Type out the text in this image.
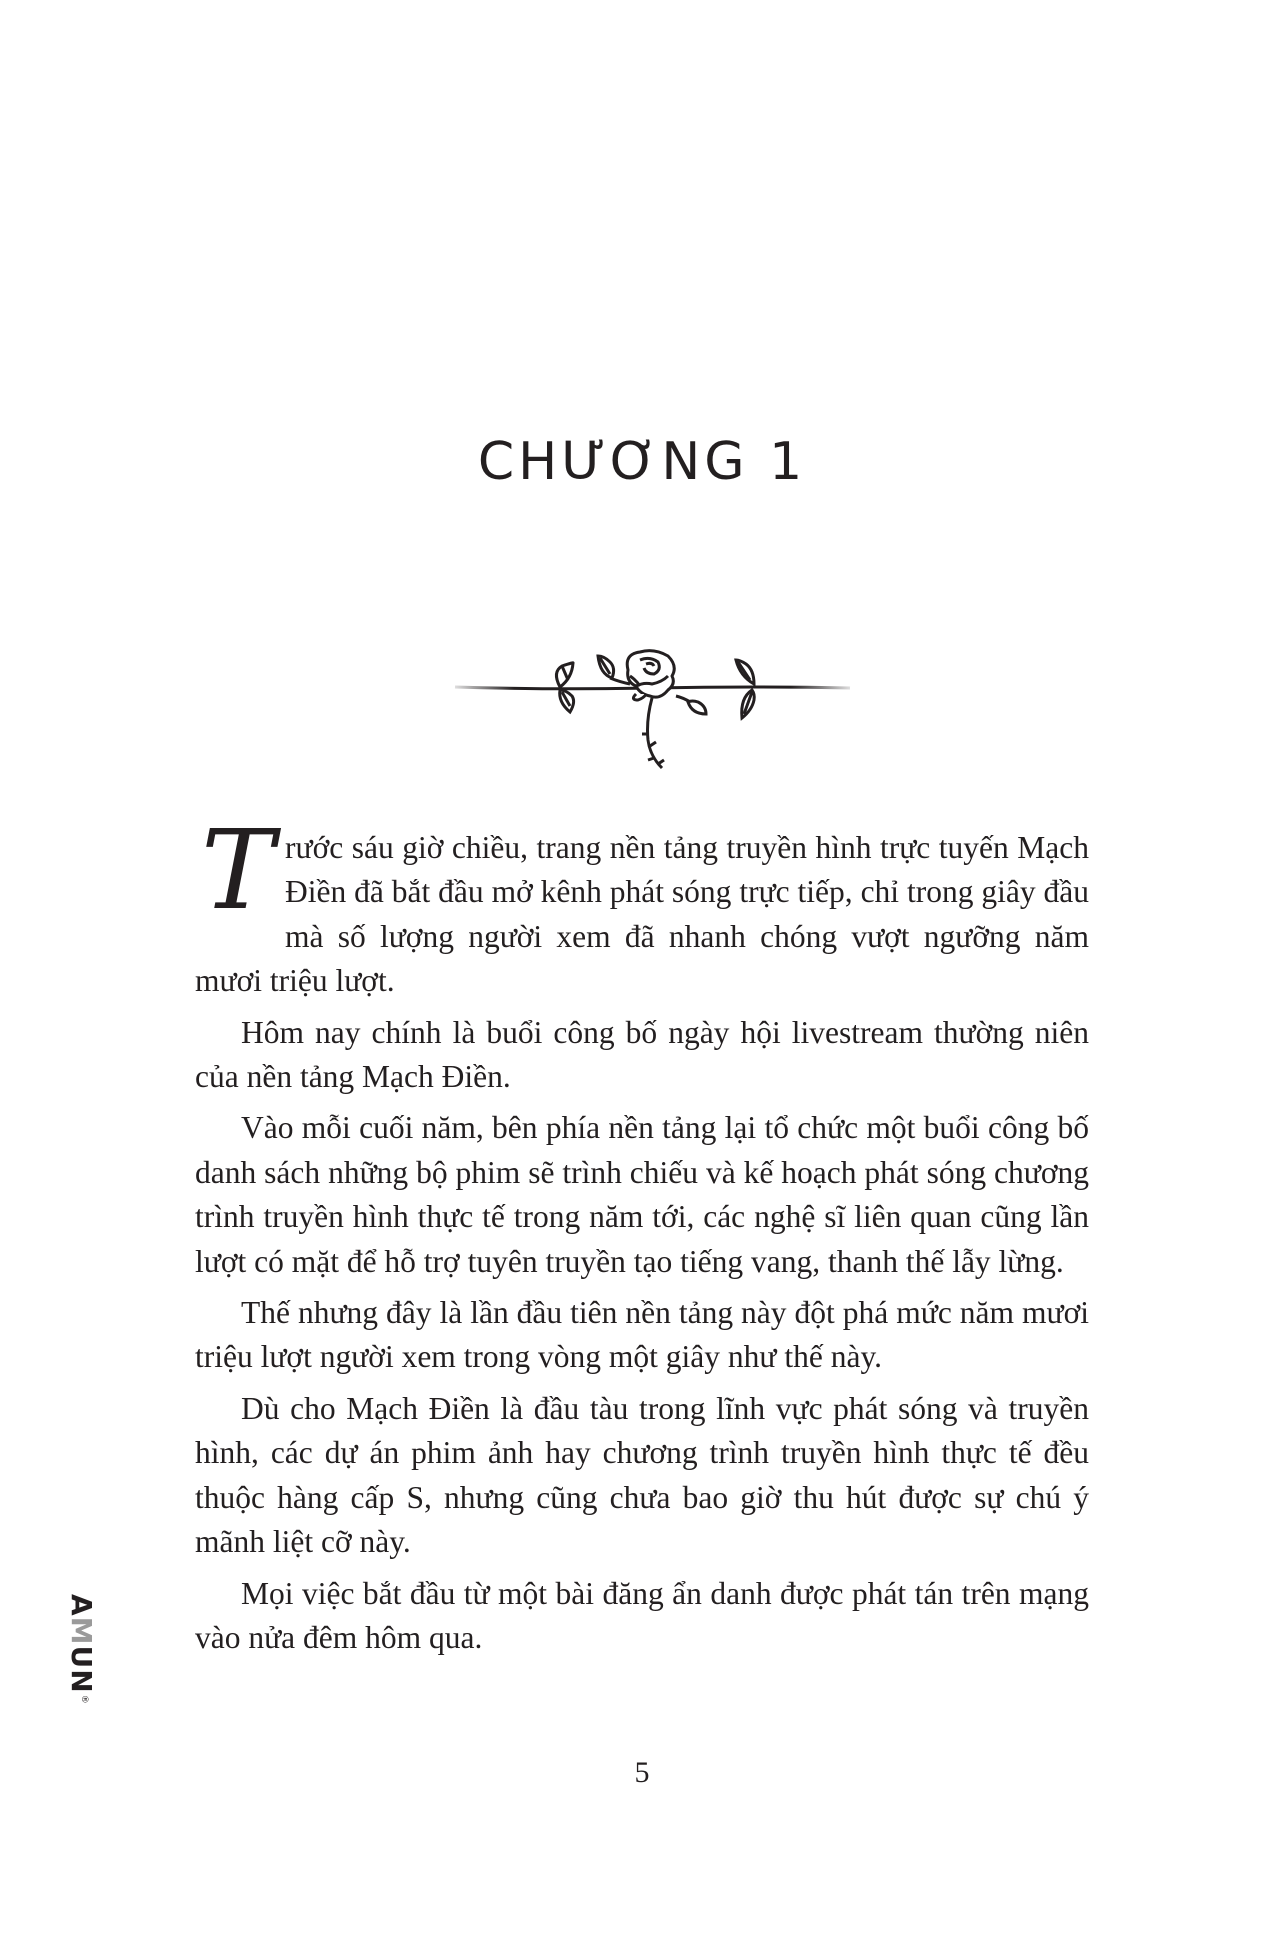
CHƯƠNG 1

Trước sáu giờ chiều, trang nền tảng truyền hình trực tuyến Mạch Điền đã bắt đầu mở kênh phát sóng trực tiếp, chỉ trong giây đầu mà số lượng người xem đã nhanh chóng vượt ngưỡng năm mươi triệu lượt.

Hôm nay chính là buổi công bố ngày hội livestream thường niên của nền tảng Mạch Điền.

Vào mỗi cuối năm, bên phía nền tảng lại tổ chức một buổi công bố danh sách những bộ phim sẽ trình chiếu và kế hoạch phát sóng chương trình truyền hình thực tế trong năm tới, các nghệ sĩ liên quan cũng lần lượt có mặt để hỗ trợ tuyên truyền tạo tiếng vang, thanh thế lẫy lừng.

Thế nhưng đây là lần đầu tiên nền tảng này đột phá mức năm mươi triệu lượt người xem trong vòng một giây như thế này.

Dù cho Mạch Điền là đầu tàu trong lĩnh vực phát sóng và truyền hình, các dự án phim ảnh hay chương trình truyền hình thực tế đều thuộc hàng cấp S, nhưng cũng chưa bao giờ thu hút được sự chú ý mãnh liệt cỡ này.

Mọi việc bắt đầu từ một bài đăng ẩn danh được phát tán trên mạng vào nửa đêm hôm qua.

AMUN®
5
